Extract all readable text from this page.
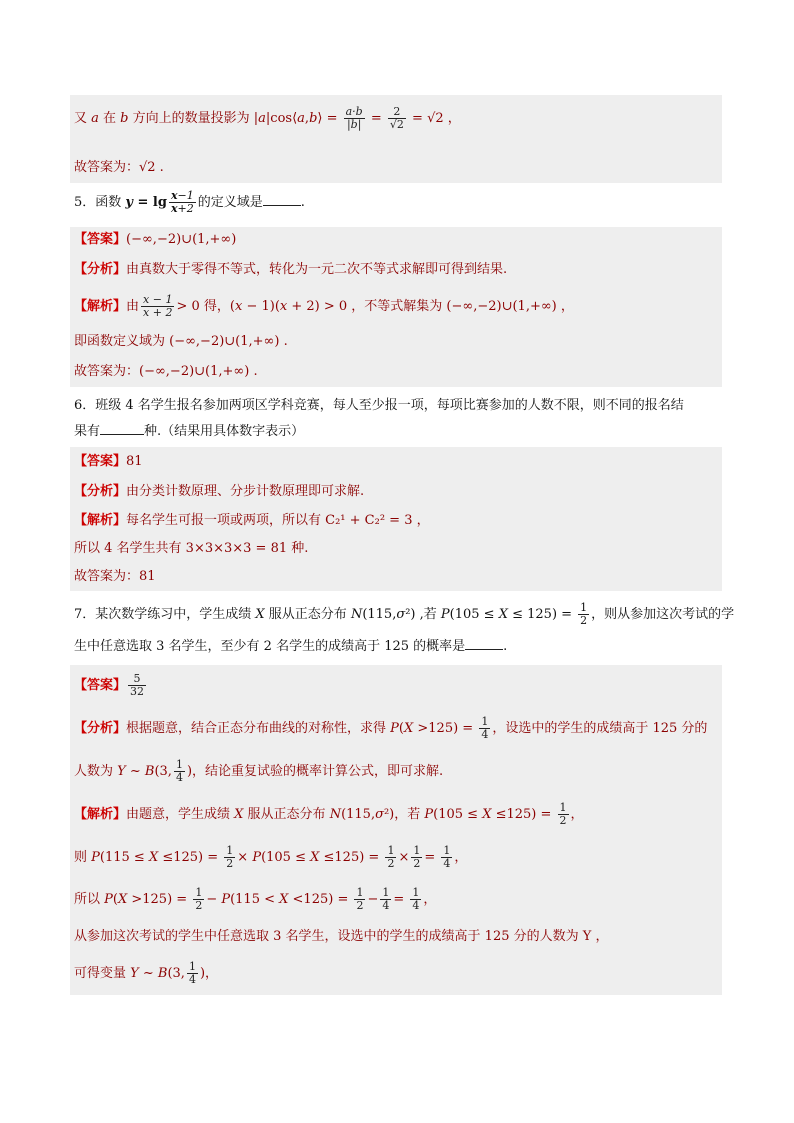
又 a 在 b 方向上的数量投影为 |a|cos⟨a,b⟩ = $\frac{a\cdot b}{|b|} = \frac{2}{√2} = √2$ ，
故答案为：√2 .
5．函数 $y = \lg \frac{x-1}{x+2}$ 的定义域是	.
【答案】(−∞,−2)∪(1,+∞)
【分析】由真数大于零得不等式，转化为一元二次不等式求解即可得到结果.
【解析】由 $\frac{x - 1}{x + 2} > 0$ 得，(x − 1)(x + 2) > 0 ，不等式解集为 (−∞,−2)∪(1,+∞) ，
即函数定义域为 (−∞,−2)∪(1,+∞) .
故答案为：(−∞,−2)∪(1,+∞) .
6．班级 4 名学生报名参加两项区学科竞赛，每人至少报一项，每项比赛参加的人数不限，则不同的报名结
果有	种.（结果用具体数字表示）
【答案】81
【分析】由分类计数原理、分步计数原理即可求解.
【解析】每名学生可报一项或两项，所以有 C₂¹ + C₂² = 3 ，
所以 4 名学生共有 3×3×3×3 = 81 种.
故答案为：81
7．某次数学练习中，学生成绩 X 服从正态分布 N(115,σ²) ,若 $P(105 \le X \le 125) = \frac{1}{2}$ ，则从参加这次考试的学
生中任意选取 3 名学生，至少有 2 名学生的成绩高于 125 的概率是	.
【答案】 $\frac{5}{32}$
【分析】根据题意，结合正态分布曲线的对称性，求得 $P(X >125) = \frac{1}{4}$ ，设选中的学生的成绩高于 125 分的
人数为 Y ~ B(3, $\frac{1}{4}$ )，结论重复试验的概率计算公式，即可求解.
【解析】由题意，学生成绩 X 服从正态分布 N(115,σ²)，若 $P(105 \le X \le 125) = \frac{1}{2}$ ，
则 $P(115 \le X \le 125) = \frac{1}{2} \times P(105 \le X \le 125) = \frac{1}{2} \times \frac{1}{2} = \frac{1}{4}$ ，
所以 $P(X >125) = \frac{1}{2} - P(115 < X <125) = \frac{1}{2} - \frac{1}{4} = \frac{1}{4}$ ，
从参加这次考试的学生中任意选取 3 名学生，设选中的学生的成绩高于 125 分的人数为 Y ，
可得变量 Y ~ B(3, $\frac{1}{4}$ )，
